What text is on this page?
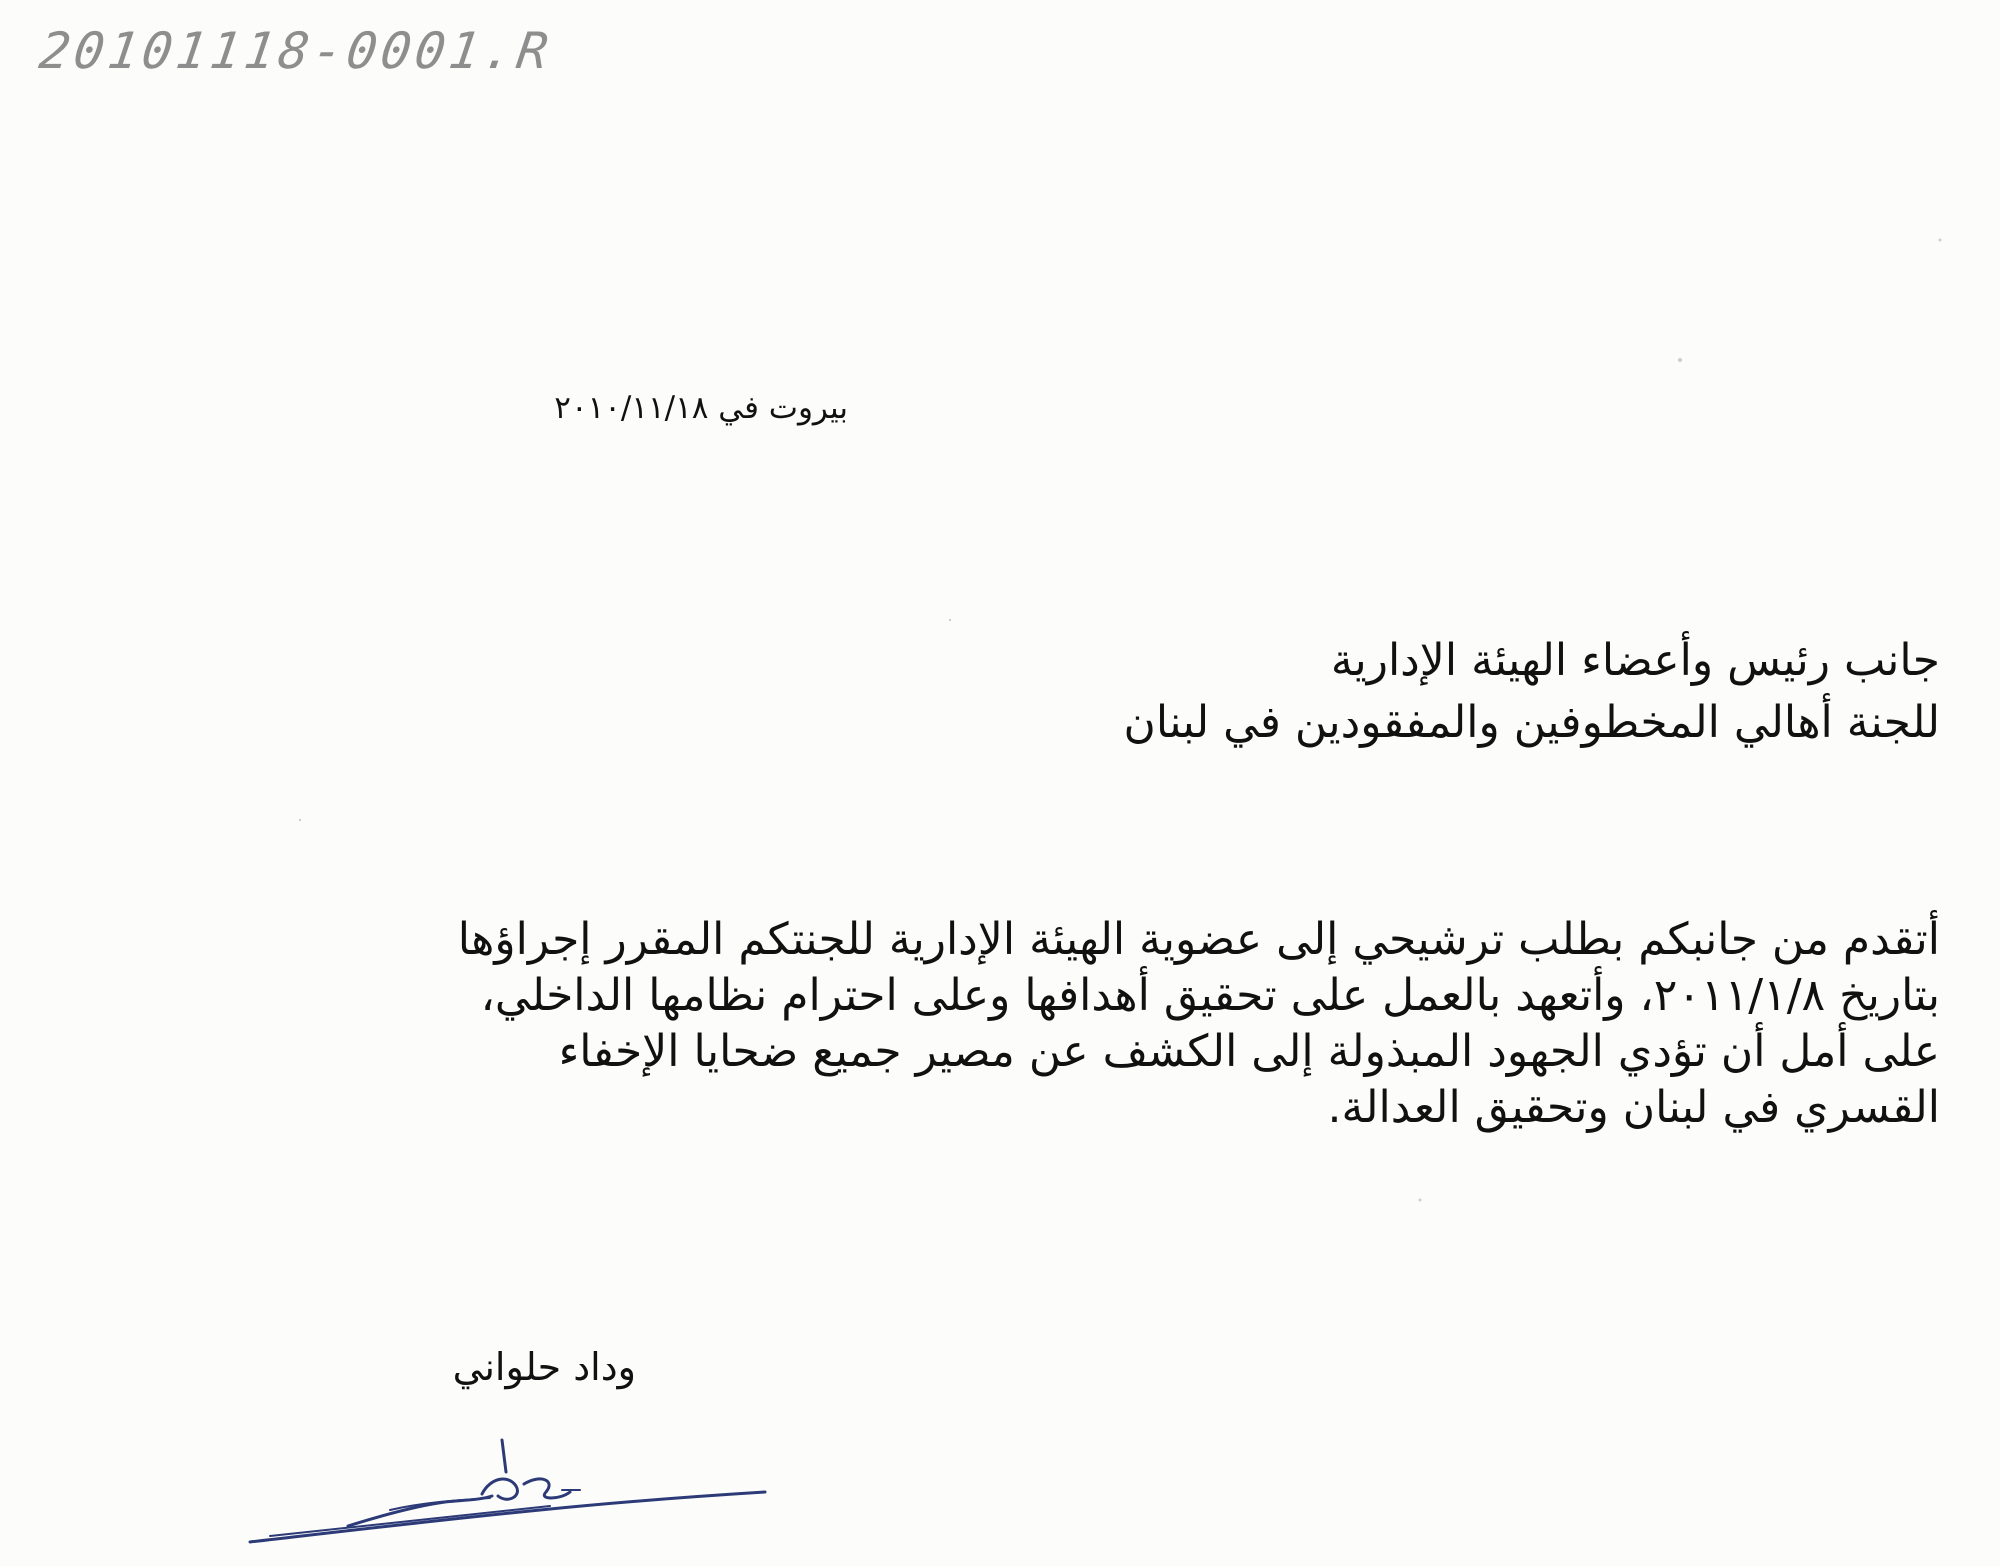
20101118-0001.R
بيروت في ٢٠١٠/١١/١٨
جانب رئيس وأعضاء الهيئة الإدارية
للجنة أهالي المخطوفين والمفقودين في لبنان
أتقدم من جانبكم بطلب ترشيحي إلى عضوية الهيئة الإدارية للجنتكم المقرر إجراؤها
بتاريخ ٢٠١١/١/٨، وأتعهد بالعمل على تحقيق أهدافها وعلى احترام نظامها الداخلي،
على أمل أن تؤدي الجهود المبذولة إلى الكشف عن مصير جميع ضحايا الإخفاء
القسري في لبنان وتحقيق العدالة.
وداد حلواني
